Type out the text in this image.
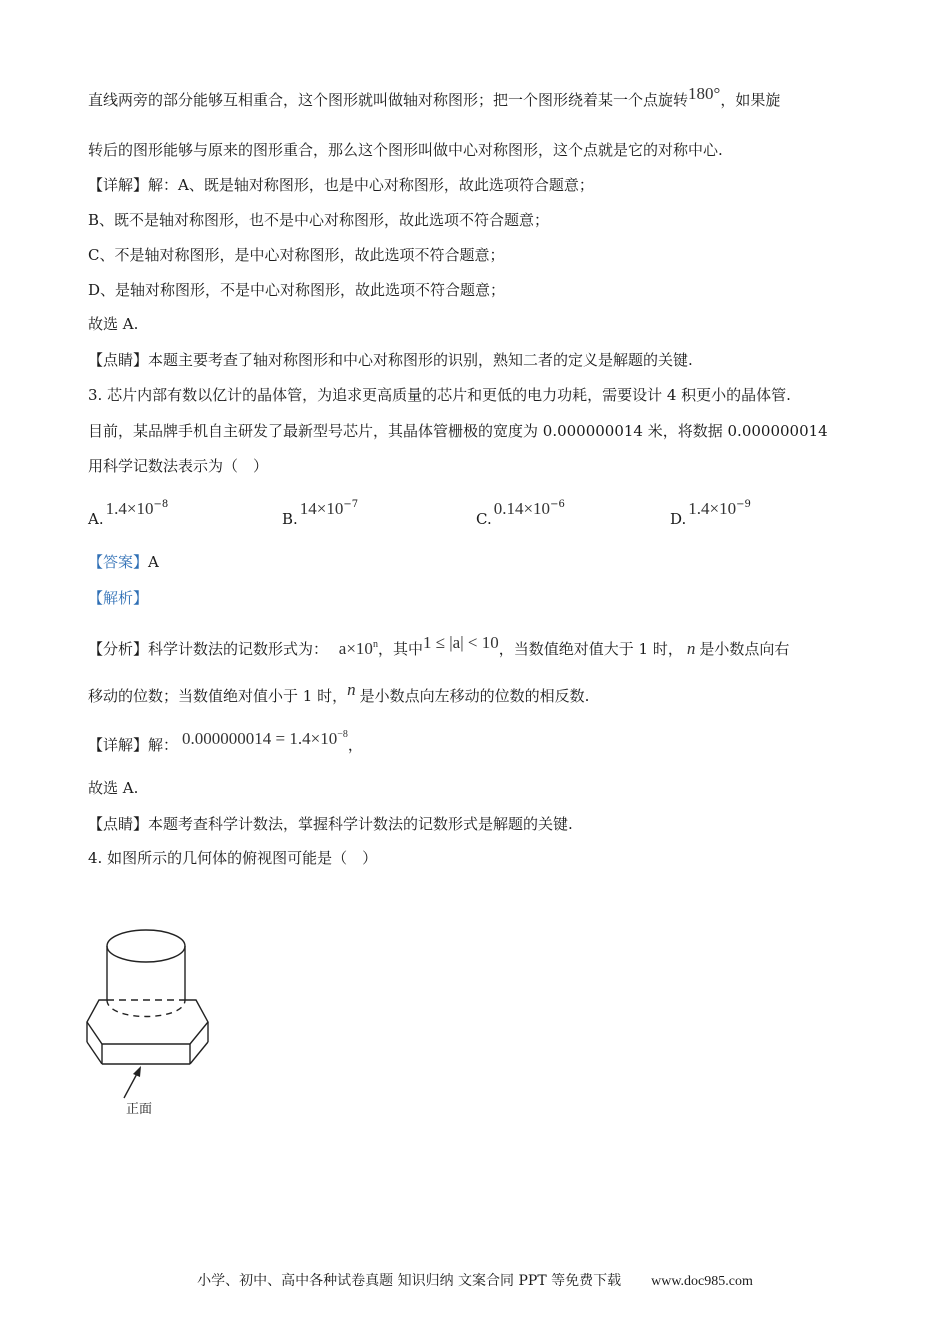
直线两旁的部分能够互相重合，这个图形就叫做轴对称图形；把一个图形绕着某一个点旋转180°，如果旋
转后的图形能够与原来的图形重合，那么这个图形叫做中心对称图形，这个点就是它的对称中心.
【详解】解：A、既是轴对称图形，也是中心对称图形，故此选项符合题意；
B、既不是轴对称图形，也不是中心对称图形，故此选项不符合题意；
C、不是轴对称图形，是中心对称图形，故此选项不符合题意；
D、是轴对称图形，不是中心对称图形，故此选项不符合题意；
故选 A.
【点睛】本题主要考查了轴对称图形和中心对称图形的识别，熟知二者的定义是解题的关键.
3. 芯片内部有数以亿计的晶体管，为追求更高质量的芯片和更低的电力功耗，需要设计 4 积更小的晶体管.
目前，某品牌手机自主研发了最新型号芯片，其晶体管栅极的宽度为 0.000000014 米，将数据 0.000000014
用科学记数法表示为（　）
$A.1.4\times 10^{-8}$
$B.14\times 10^{-7}$
$C.0.14\times 10^{-6}$
$D.1.4\times 10^{-9}$
【答案】A
【解析】
【分析】科学计数法的记数形式为： $a\times 10^n$，其中1 ≤ |a| < 10，当数值绝对值大于 1 时， n 是小数点向右
移动的位数；当数值绝对值小于 1 时，n 是小数点向左移动的位数的相反数.
【详解】解： $0.000000014 = 1.4\times 10^{-8}$，
故选 A.
【点睛】本题考查科学计数法，掌握科学计数法的记数形式是解题的关键.
4. 如图所示的几何体的俯视图可能是（　）
正面
小学、初中、高中各种试卷真题 知识归纳 文案合同 PPT 等免费下载 www.doc985.com
